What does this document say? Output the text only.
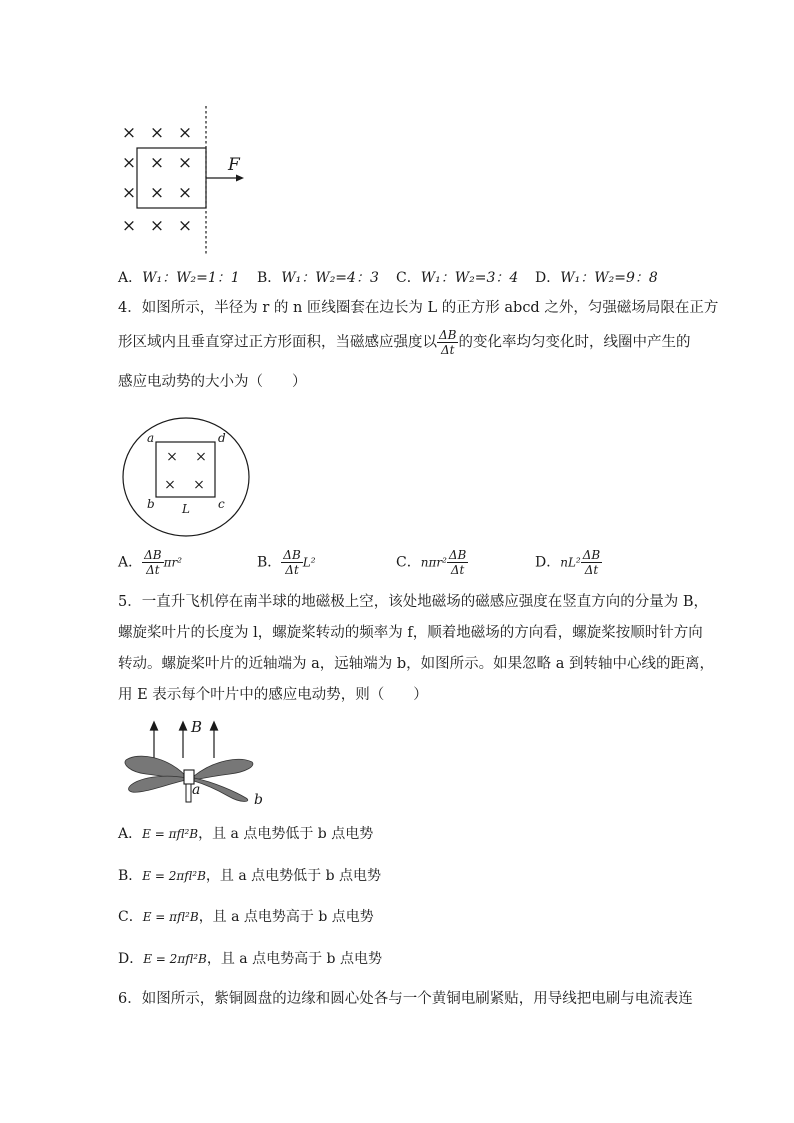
F
× × ×
× × ×
× × ×
× × ×
A．W₁：W₂=1：1 B．W₁：W₂=4：3 C．W₁：W₂=3：4 D．W₁：W₂=9：8
4．如图所示，半径为 r 的 n 匝线圈套在边长为 L 的正方形 abcd 之外，匀强磁场局限在正方
形区域内且垂直穿过正方形面积，当磁感应强度以 $\frac{\Delta B}{\Delta t}$ 的变化率均匀变化时，线圈中产生的
感应电动势的大小为（　　）
a	d
b	c
L
× ×
× ×
A． $\frac{\Delta B}{\Delta t} \pi r^2$	B． $\frac{\Delta B}{\Delta t} L^2$	C．$n\pi r^2 \frac{\Delta B}{\Delta t}$	D．$nL^2 \frac{\Delta B}{\Delta t}$
5．一直升飞机停在南半球的地磁极上空，该处地磁场的磁感应强度在竖直方向的分量为 B，
螺旋桨叶片的长度为 l，螺旋桨转动的频率为 f，顺着地磁场的方向看，螺旋桨按顺时针方向
转动。螺旋桨叶片的近轴端为 a，远轴端为 b，如图所示。如果忽略 a 到转轴中心线的距离，
用 E 表示每个叶片中的感应电动势，则（　　）
B
a
b
A．E = πfl²B，且 a 点电势低于 b 点电势
B．E = 2πfl²B，且 a 点电势低于 b 点电势
C．E = πfl²B，且 a 点电势高于 b 点电势
D．E = 2πfl²B，且 a 点电势高于 b 点电势
6．如图所示，紫铜圆盘的边缘和圆心处各与一个黄铜电刷紧贴，用导线把电刷与电流表连
